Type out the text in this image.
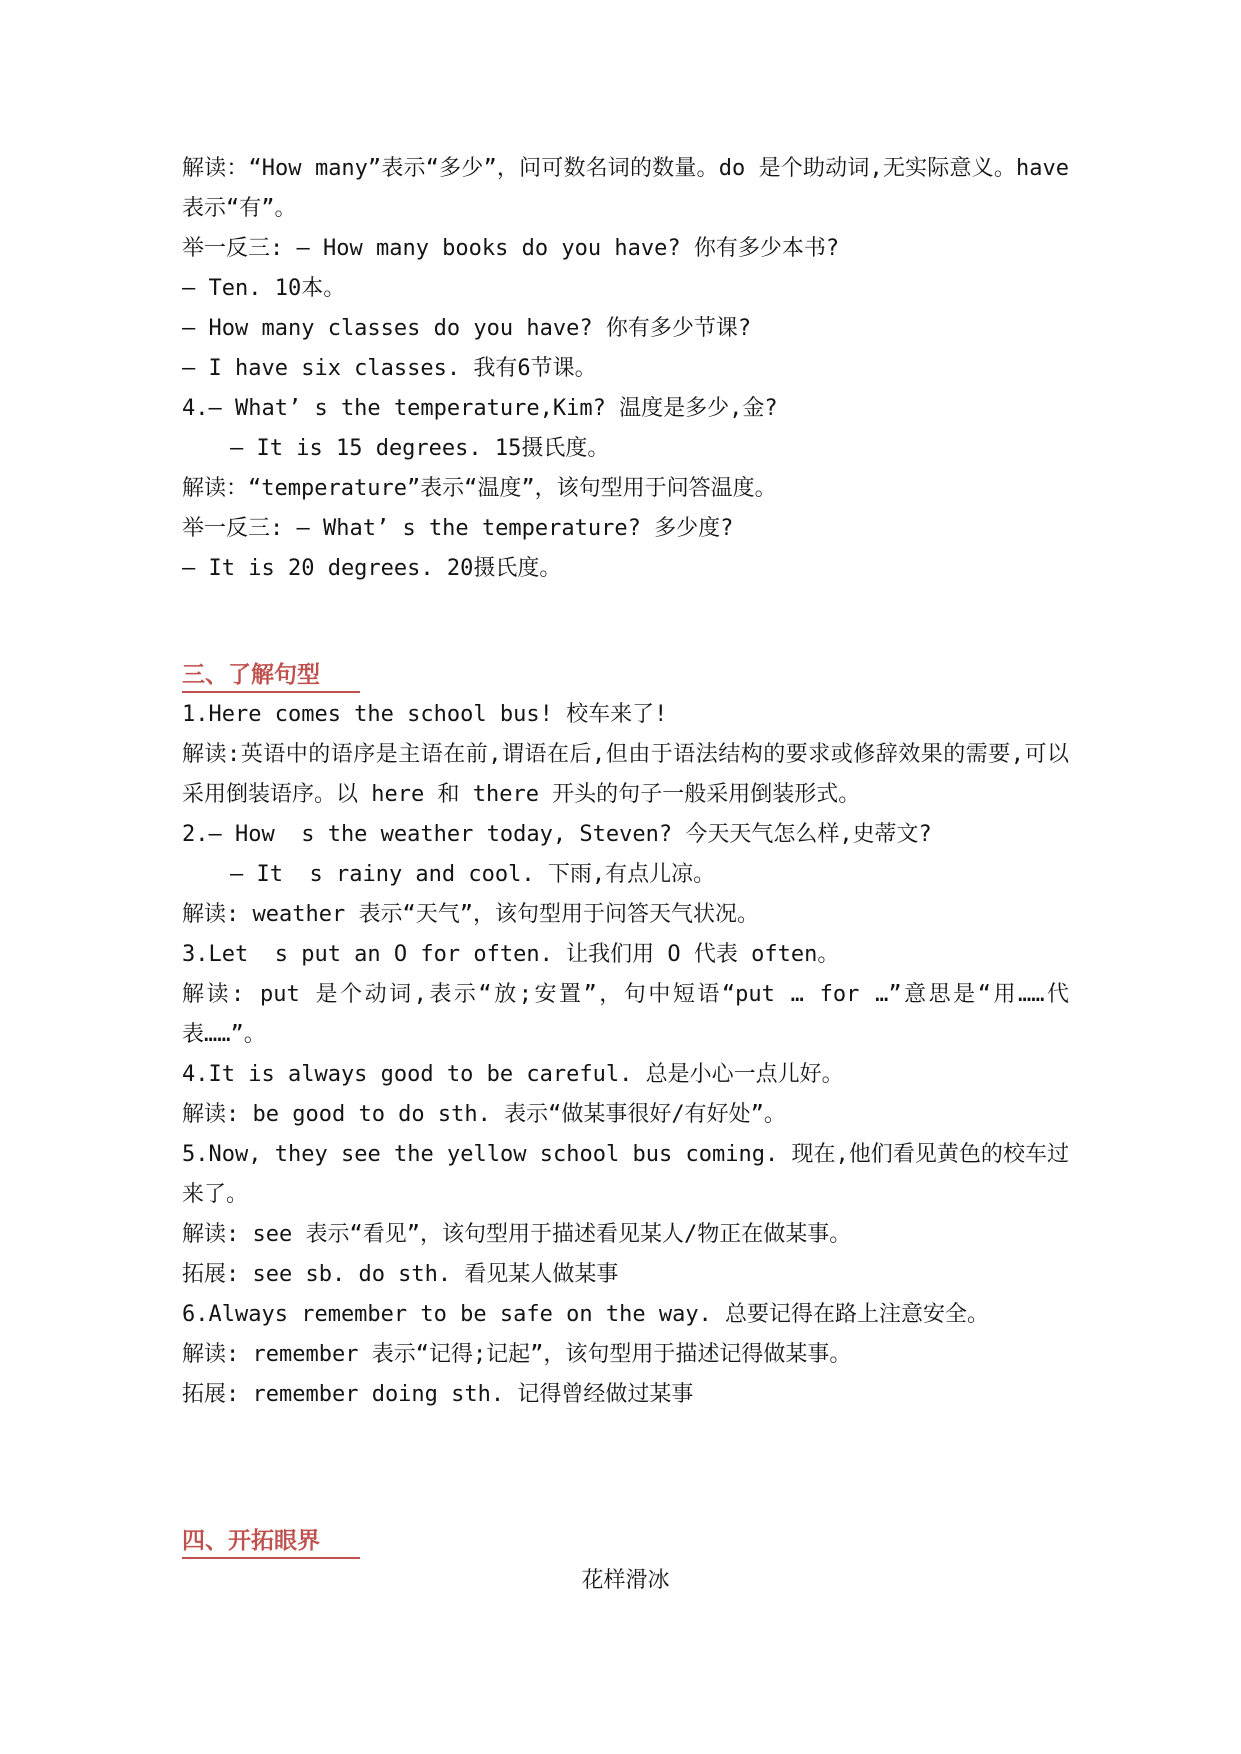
解读：“How many”表示“多少”，问可数名词的数量。do 是个助动词,无实际意义。have 表示“有”。

举一反三: — How many books do you have? 你有多少本书?

— Ten. 10本。

— How many classes do you have? 你有多少节课?

— I have six classes. 我有6节课。

4.— What’ s the temperature,Kim? 温度是多少,金?

— It is 15 degrees. 15摄氏度。

解读：“temperature”表示“温度”，该句型用于问答温度。

举一反三: — What’ s the temperature? 多少度?

— It is 20 degrees. 20摄氏度。

三、了解句型

1.Here comes the school bus! 校车来了!

解读:英语中的语序是主语在前,谓语在后,但由于语法结构的要求或修辞效果的需要,可以采用倒装语序。以 here 和 there 开头的句子一般采用倒装形式。

2.— How  s the weather today, Steven? 今天天气怎么样,史蒂文?

— It  s rainy and cool. 下雨,有点儿凉。

解读: weather 表示“天气”，该句型用于问答天气状况。

3.Let  s put an O for often. 让我们用 O 代表 often。

解读: put 是个动词,表示“放;安置”，句中短语“put … for …”意思是“用……代表……”。

4.It is always good to be careful. 总是小心一点儿好。

解读: be good to do sth. 表示“做某事很好/有好处”。

5.Now, they see the yellow school bus coming. 现在,他们看见黄色的校车过来了。

解读: see 表示“看见”，该句型用于描述看见某人/物正在做某事。

拓展: see sb. do sth. 看见某人做某事

6.Always remember to be safe on the way. 总要记得在路上注意安全。

解读: remember 表示“记得;记起”，该句型用于描述记得做某事。

拓展: remember doing sth. 记得曾经做过某事

四、开拓眼界

花样滑冰
